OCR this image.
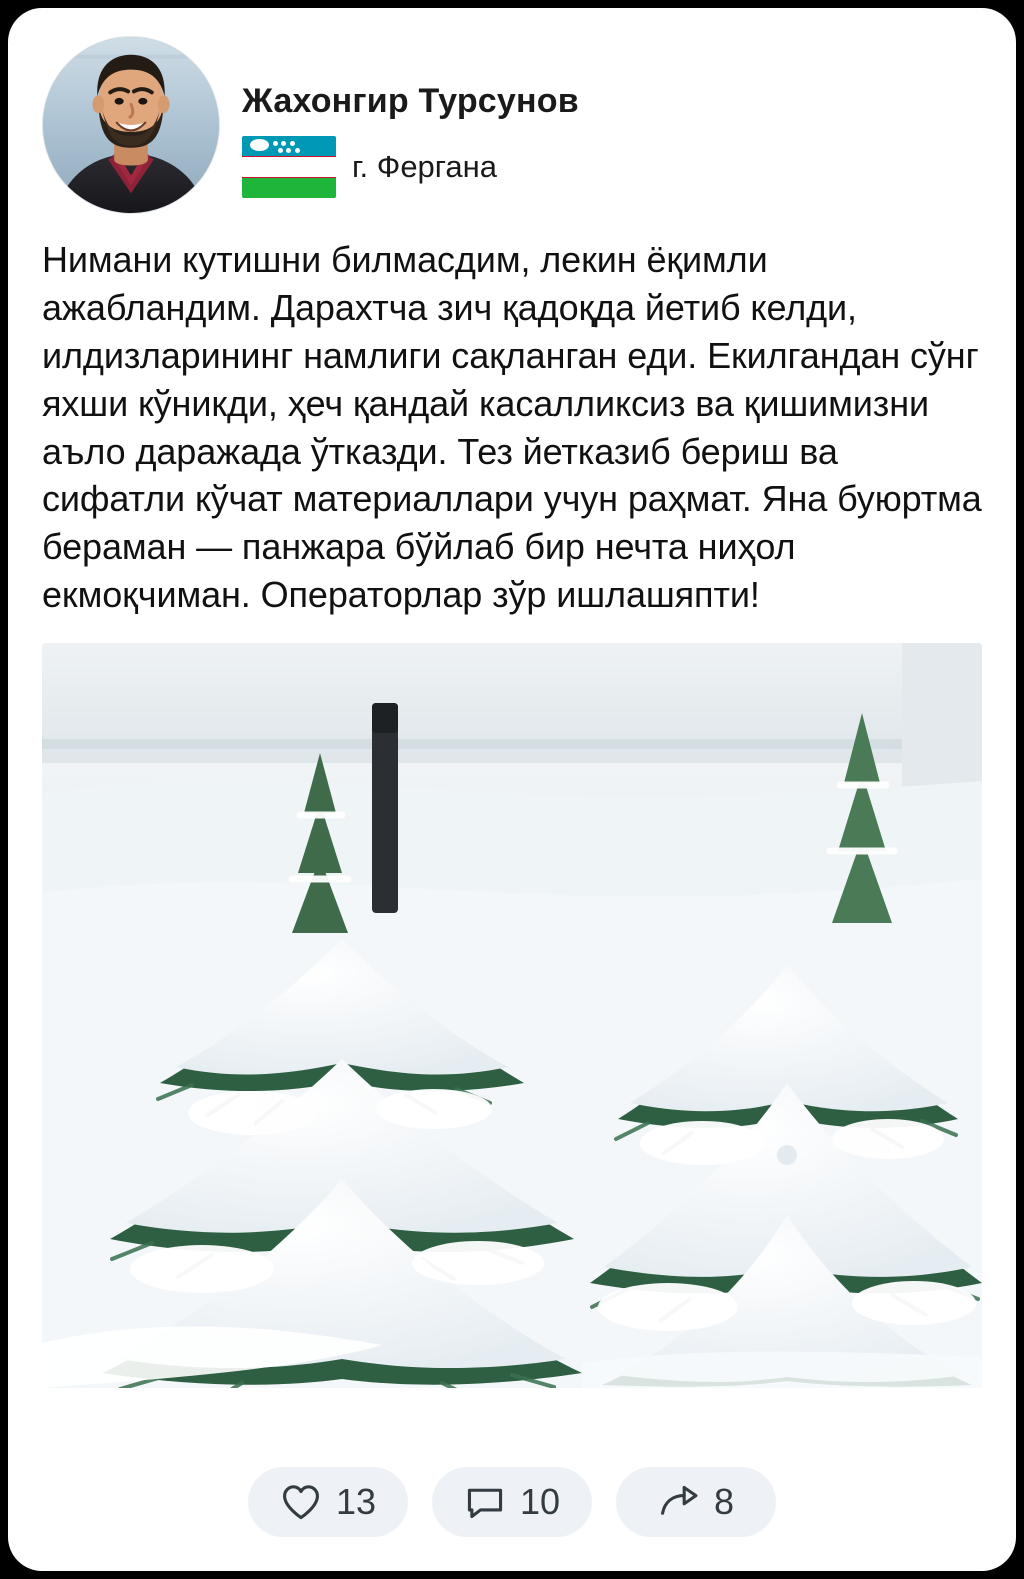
Жахонгир Турсунов
г. Фергана
Нимани кутишни билмасдим, лекин ёқимли ажабландим. Дарахтча зич қадоқда йетиб келди, илдизларининг намлиги сақланган еди. Екилгандан сўнг яхши кўникди, ҳеч қандай касалликсиз ва қишимизни аъло даражада ўтказди. Тез йетказиб бериш ва сифатли кўчат материаллари учун раҳмат. Яна буюртма бераман — панжара бўйлаб бир нечта ниҳол екмоқчиман. Операторлар зўр ишлашяпти!
13	10	8
